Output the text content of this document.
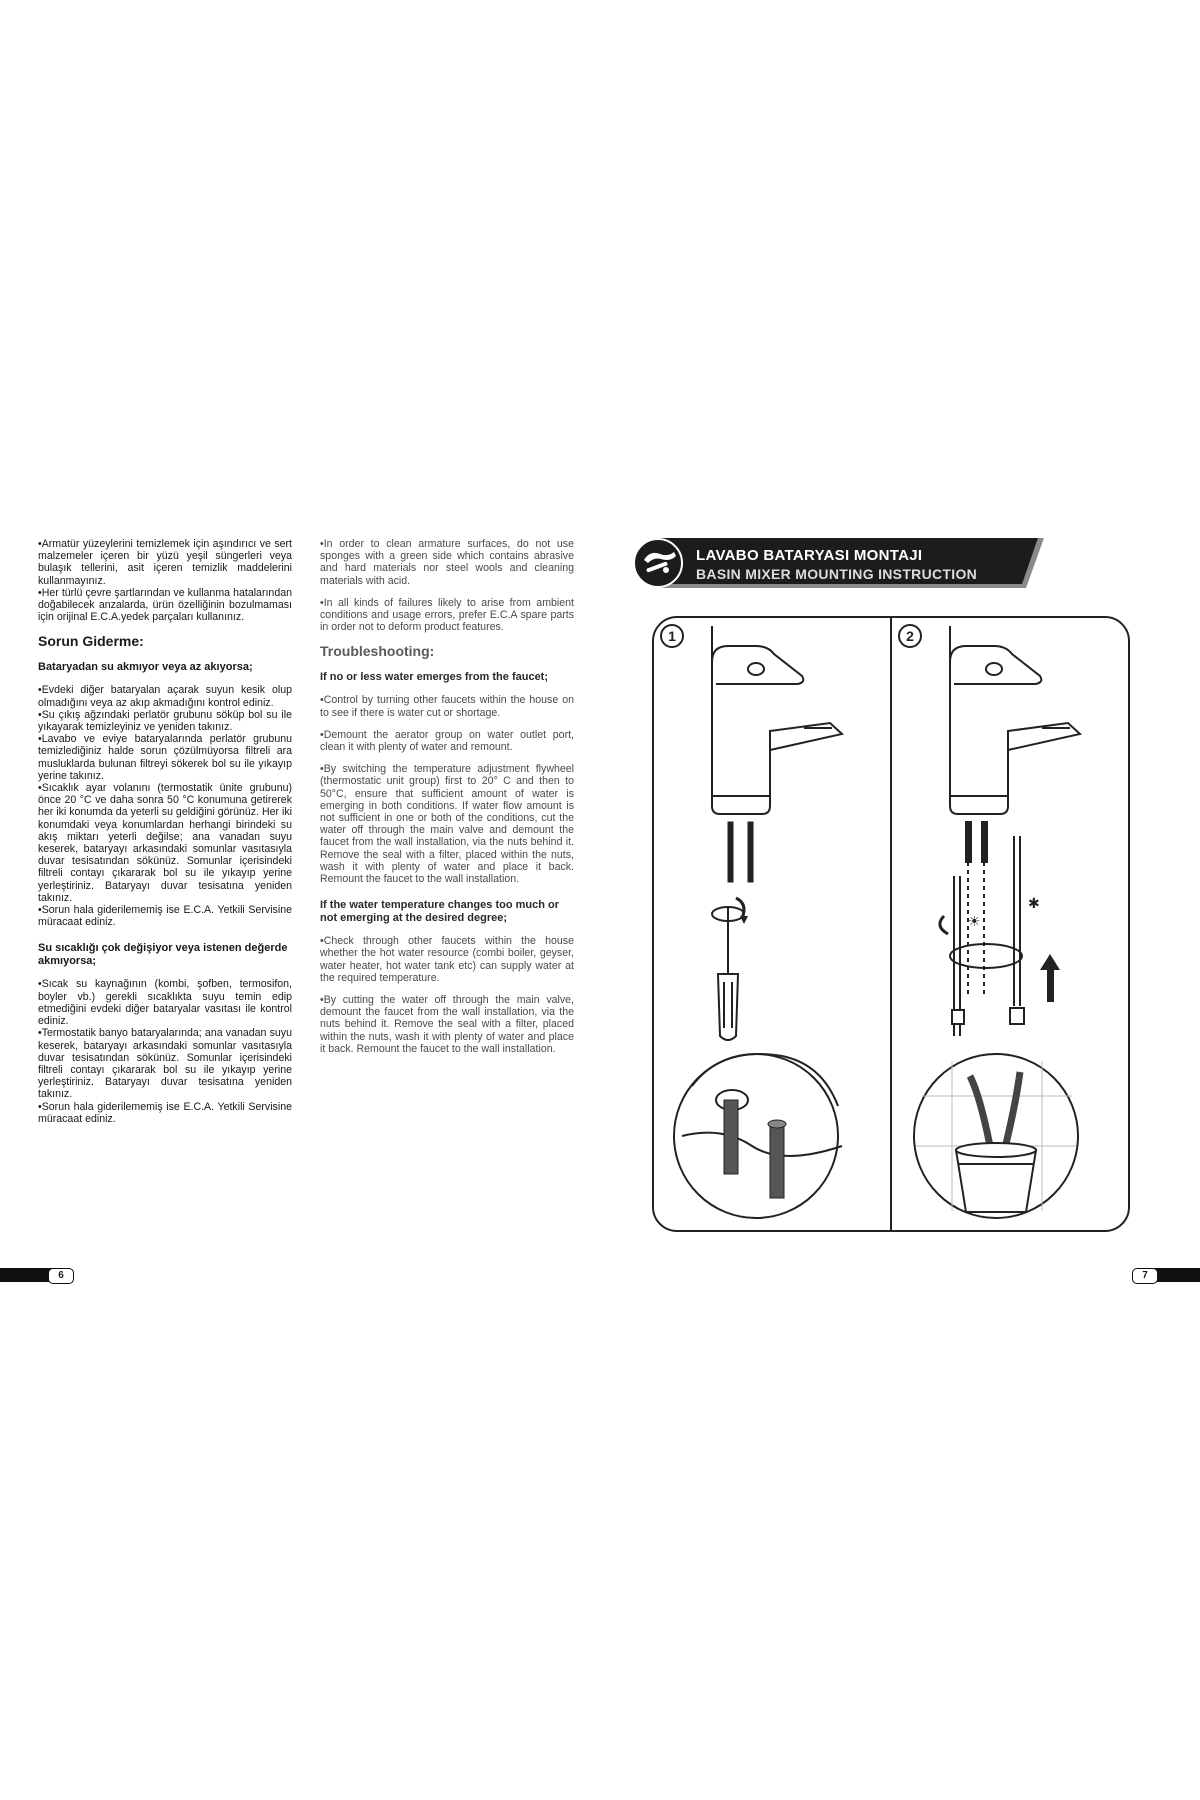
•Armatür yüzeylerini temizlemek için aşındırıcı ve sert malzemeler içeren bir yüzü yeşil süngerleri veya bulaşık tellerini, asit içeren temizlik maddelerini kullanmayınız.

•Her türlü çevre şartlarından ve kullanma hatalarından doğabilecek anzalarda, ürün özelliğinin bozulmaması için orijinal E.C.A.yedek parçaları kullanınız.

Sorun Giderme:
Bataryadan su akmıyor veya az akıyorsa;

•Evdeki diğer bataryalan açarak suyun kesik olup olmadığını veya az akıp akmadığını kontrol ediniz.

•Su çıkış ağzındaki perlatör grubunu söküp bol su ile yıkayarak temizleyiniz ve yeniden takınız.

•Lavabo ve eviye bataryalarında perlatör grubunu temizlediğiniz halde sorun çözülmüyorsa filtreli ara musluklarda bulunan filtreyi sökerek bol su ile yıkayıp yerine takınız.

•Sıcaklık ayar volanını (termostatik ünite grubunu) önce 20 °C ve daha sonra 50 °C konumuna getirerek her iki konumda da yeterli su geldiğini görünüz. Her iki konumdaki veya konumlardan herhangi birindeki su akış miktarı yeterli değilse; ana vanadan suyu keserek, bataryayı arkasındaki somunlar vasıtasıyla duvar tesisatından sökünüz. Somunlar içerisindeki filtreli contayı çıkararak bol su ile yıkayıp yerine yerleştiriniz. Bataryayı duvar tesisatına yeniden takınız.

•Sorun hala giderilememiş ise E.C.A. Yetkili Servisine müracaat ediniz.

Su sıcaklığı çok değişiyor veya istenen değerde akmıyorsa;

•Sıcak su kaynağının (kombi, şofben, termosifon, boyler vb.) gerekli sıcaklıkta suyu temin edip etmediğini evdeki diğer bataryalar vasıtası ile kontrol ediniz.

•Termostatik banyo bataryalarında; ana vanadan suyu keserek, bataryayı arkasındaki somunlar vasıtasıyla duvar tesisatından sökünüz. Somunlar içerisindeki filtreli contayı çıkararak bol su ile yıkayıp yerine yerleştiriniz. Bataryayı duvar tesisatına yeniden takınız.

•Sorun hala giderilememiş ise E.C.A. Yetkili Servisine müracaat ediniz.

•In order to clean armature surfaces, do not use sponges with a green side which contains abrasive and hard materials nor steel wools and cleaning materials with acid.

•In all kinds of failures likely to arise from ambient conditions and usage errors, prefer E.C.A spare parts in order not to deform product features.

Troubleshooting:
If no or less water emerges from the faucet;

•Control by turning other faucets within the house on to see if there is water cut or shortage.

•Demount the aerator group on water outlet port, clean it with plenty of water and remount.

•By switching the temperature adjustment flywheel (thermostatic unit group) first to 20° C and then to 50°C, ensure that sufficient amount of water is emerging in both conditions. If water flow amount is not sufficient in one or both of the conditions, cut the water off through the main valve and demount the faucet from the wall installation, via the nuts behind it. Remove the seal with a filter, placed within the nuts, wash it with plenty of water and place it back. Remount the faucet to the wall installation.

If the water temperature changes too much or not emerging at the desired degree;

•Check through other faucets within the house whether the hot water resource (combi boiler, geyser, water heater, hot water tank etc) can supply water at the required temperature.

•By cutting the water off through the main valve, demount the faucet from the wall installation, via the nuts behind it. Remove the seal with a filter, placed within the nuts, wash it with plenty of water and place it back. Remount the faucet to the wall installation.

6	7
LAVABO BATARYASI MONTAJI
BASIN MIXER MOUNTING INSTRUCTION
1	2
☀
✱
